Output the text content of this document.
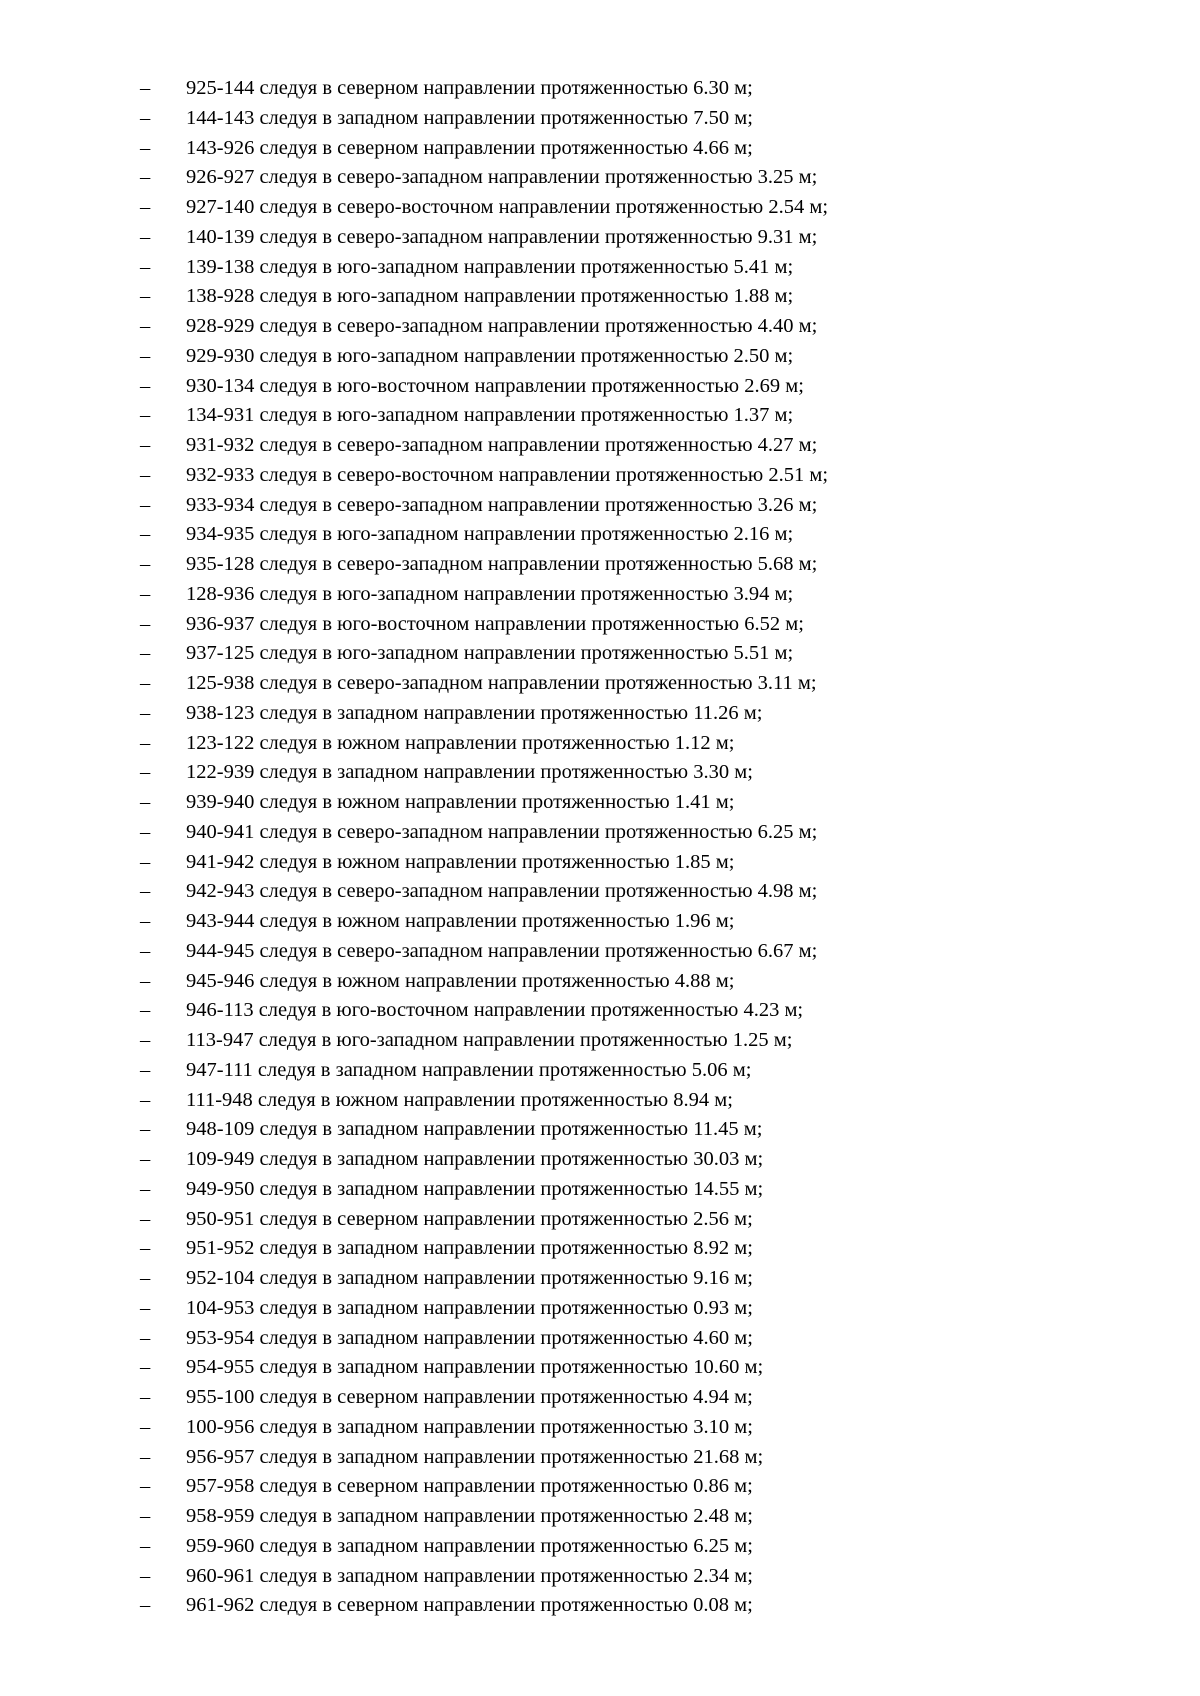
– 925-144 следуя в северном направлении протяженностью 6.30 м;
– 144-143 следуя в западном направлении протяженностью 7.50 м;
– 143-926 следуя в северном направлении протяженностью 4.66 м;
– 926-927 следуя в северо-западном направлении протяженностью 3.25 м;
– 927-140 следуя в северо-восточном направлении протяженностью 2.54 м;
– 140-139 следуя в северо-западном направлении протяженностью 9.31 м;
– 139-138 следуя в юго-западном направлении протяженностью 5.41 м;
– 138-928 следуя в юго-западном направлении протяженностью 1.88 м;
– 928-929 следуя в северо-западном направлении протяженностью 4.40 м;
– 929-930 следуя в юго-западном направлении протяженностью 2.50 м;
– 930-134 следуя в юго-восточном направлении протяженностью 2.69 м;
– 134-931 следуя в юго-западном направлении протяженностью 1.37 м;
– 931-932 следуя в северо-западном направлении протяженностью 4.27 м;
– 932-933 следуя в северо-восточном направлении протяженностью 2.51 м;
– 933-934 следуя в северо-западном направлении протяженностью 3.26 м;
– 934-935 следуя в юго-западном направлении протяженностью 2.16 м;
– 935-128 следуя в северо-западном направлении протяженностью 5.68 м;
– 128-936 следуя в юго-западном направлении протяженностью 3.94 м;
– 936-937 следуя в юго-восточном направлении протяженностью 6.52 м;
– 937-125 следуя в юго-западном направлении протяженностью 5.51 м;
– 125-938 следуя в северо-западном направлении протяженностью 3.11 м;
– 938-123 следуя в западном направлении протяженностью 11.26 м;
– 123-122 следуя в южном направлении протяженностью 1.12 м;
– 122-939 следуя в западном направлении протяженностью 3.30 м;
– 939-940 следуя в южном направлении протяженностью 1.41 м;
– 940-941 следуя в северо-западном направлении протяженностью 6.25 м;
– 941-942 следуя в южном направлении протяженностью 1.85 м;
– 942-943 следуя в северо-западном направлении протяженностью 4.98 м;
– 943-944 следуя в южном направлении протяженностью 1.96 м;
– 944-945 следуя в северо-западном направлении протяженностью 6.67 м;
– 945-946 следуя в южном направлении протяженностью 4.88 м;
– 946-113 следуя в юго-восточном направлении протяженностью 4.23 м;
– 113-947 следуя в юго-западном направлении протяженностью 1.25 м;
– 947-111 следуя в западном направлении протяженностью 5.06 м;
– 111-948 следуя в южном направлении протяженностью 8.94 м;
– 948-109 следуя в западном направлении протяженностью 11.45 м;
– 109-949 следуя в западном направлении протяженностью 30.03 м;
– 949-950 следуя в западном направлении протяженностью 14.55 м;
– 950-951 следуя в северном направлении протяженностью 2.56 м;
– 951-952 следуя в западном направлении протяженностью 8.92 м;
– 952-104 следуя в западном направлении протяженностью 9.16 м;
– 104-953 следуя в западном направлении протяженностью 0.93 м;
– 953-954 следуя в западном направлении протяженностью 4.60 м;
– 954-955 следуя в западном направлении протяженностью 10.60 м;
– 955-100 следуя в северном направлении протяженностью 4.94 м;
– 100-956 следуя в западном направлении протяженностью 3.10 м;
– 956-957 следуя в западном направлении протяженностью 21.68 м;
– 957-958 следуя в северном направлении протяженностью 0.86 м;
– 958-959 следуя в западном направлении протяженностью 2.48 м;
– 959-960 следуя в западном направлении протяженностью 6.25 м;
– 960-961 следуя в западном направлении протяженностью 2.34 м;
– 961-962 следуя в северном направлении протяженностью 0.08 м;
